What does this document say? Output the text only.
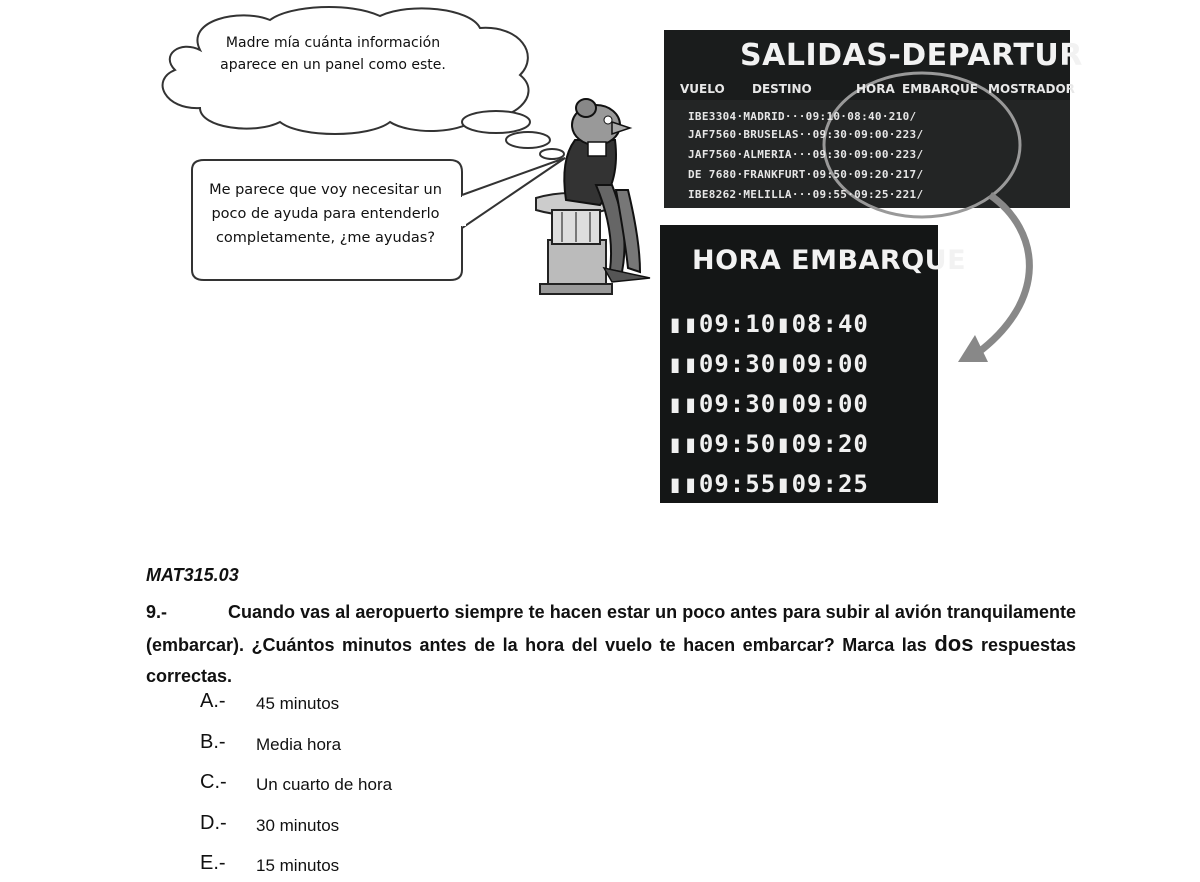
Madre mía cuánta información aparece en un panel como este.
Me parece que voy necesitar un poco de ayuda para entenderlo completamente, ¿me ayudas?
SALIDAS-DEPARTUR
VUELO DESTINO	HORA EMBARQUE MOSTRADOR
IBE3304·MADRID···09:10·08:40·210/
JAF7560·BRUSELAS··09:30·09:00·223/
JAF7560·ALMERIA···09:30·09:00·223/
DE 7680·FRANKFURT·09:50·09:20·217/
IBE8262·MELILLA···09:55·09:25·221/
HORA EMBARQUE
▮▮09:10▮08:40
▮▮09:30▮09:00
▮▮09:30▮09:00
▮▮09:50▮09:20
▮▮09:55▮09:25
MAT315.03
9.-	Cuando vas al aeropuerto siempre te hacen estar un poco antes para subir al avión tranquilamente (embarcar). ¿Cuántos minutos antes de la hora del vuelo te hacen embarcar? Marca las dos respuestas correctas.
A.- 45 minutos
B.- Media hora
C.- Un cuarto de hora
D.- 30 minutos
E.- 15 minutos
